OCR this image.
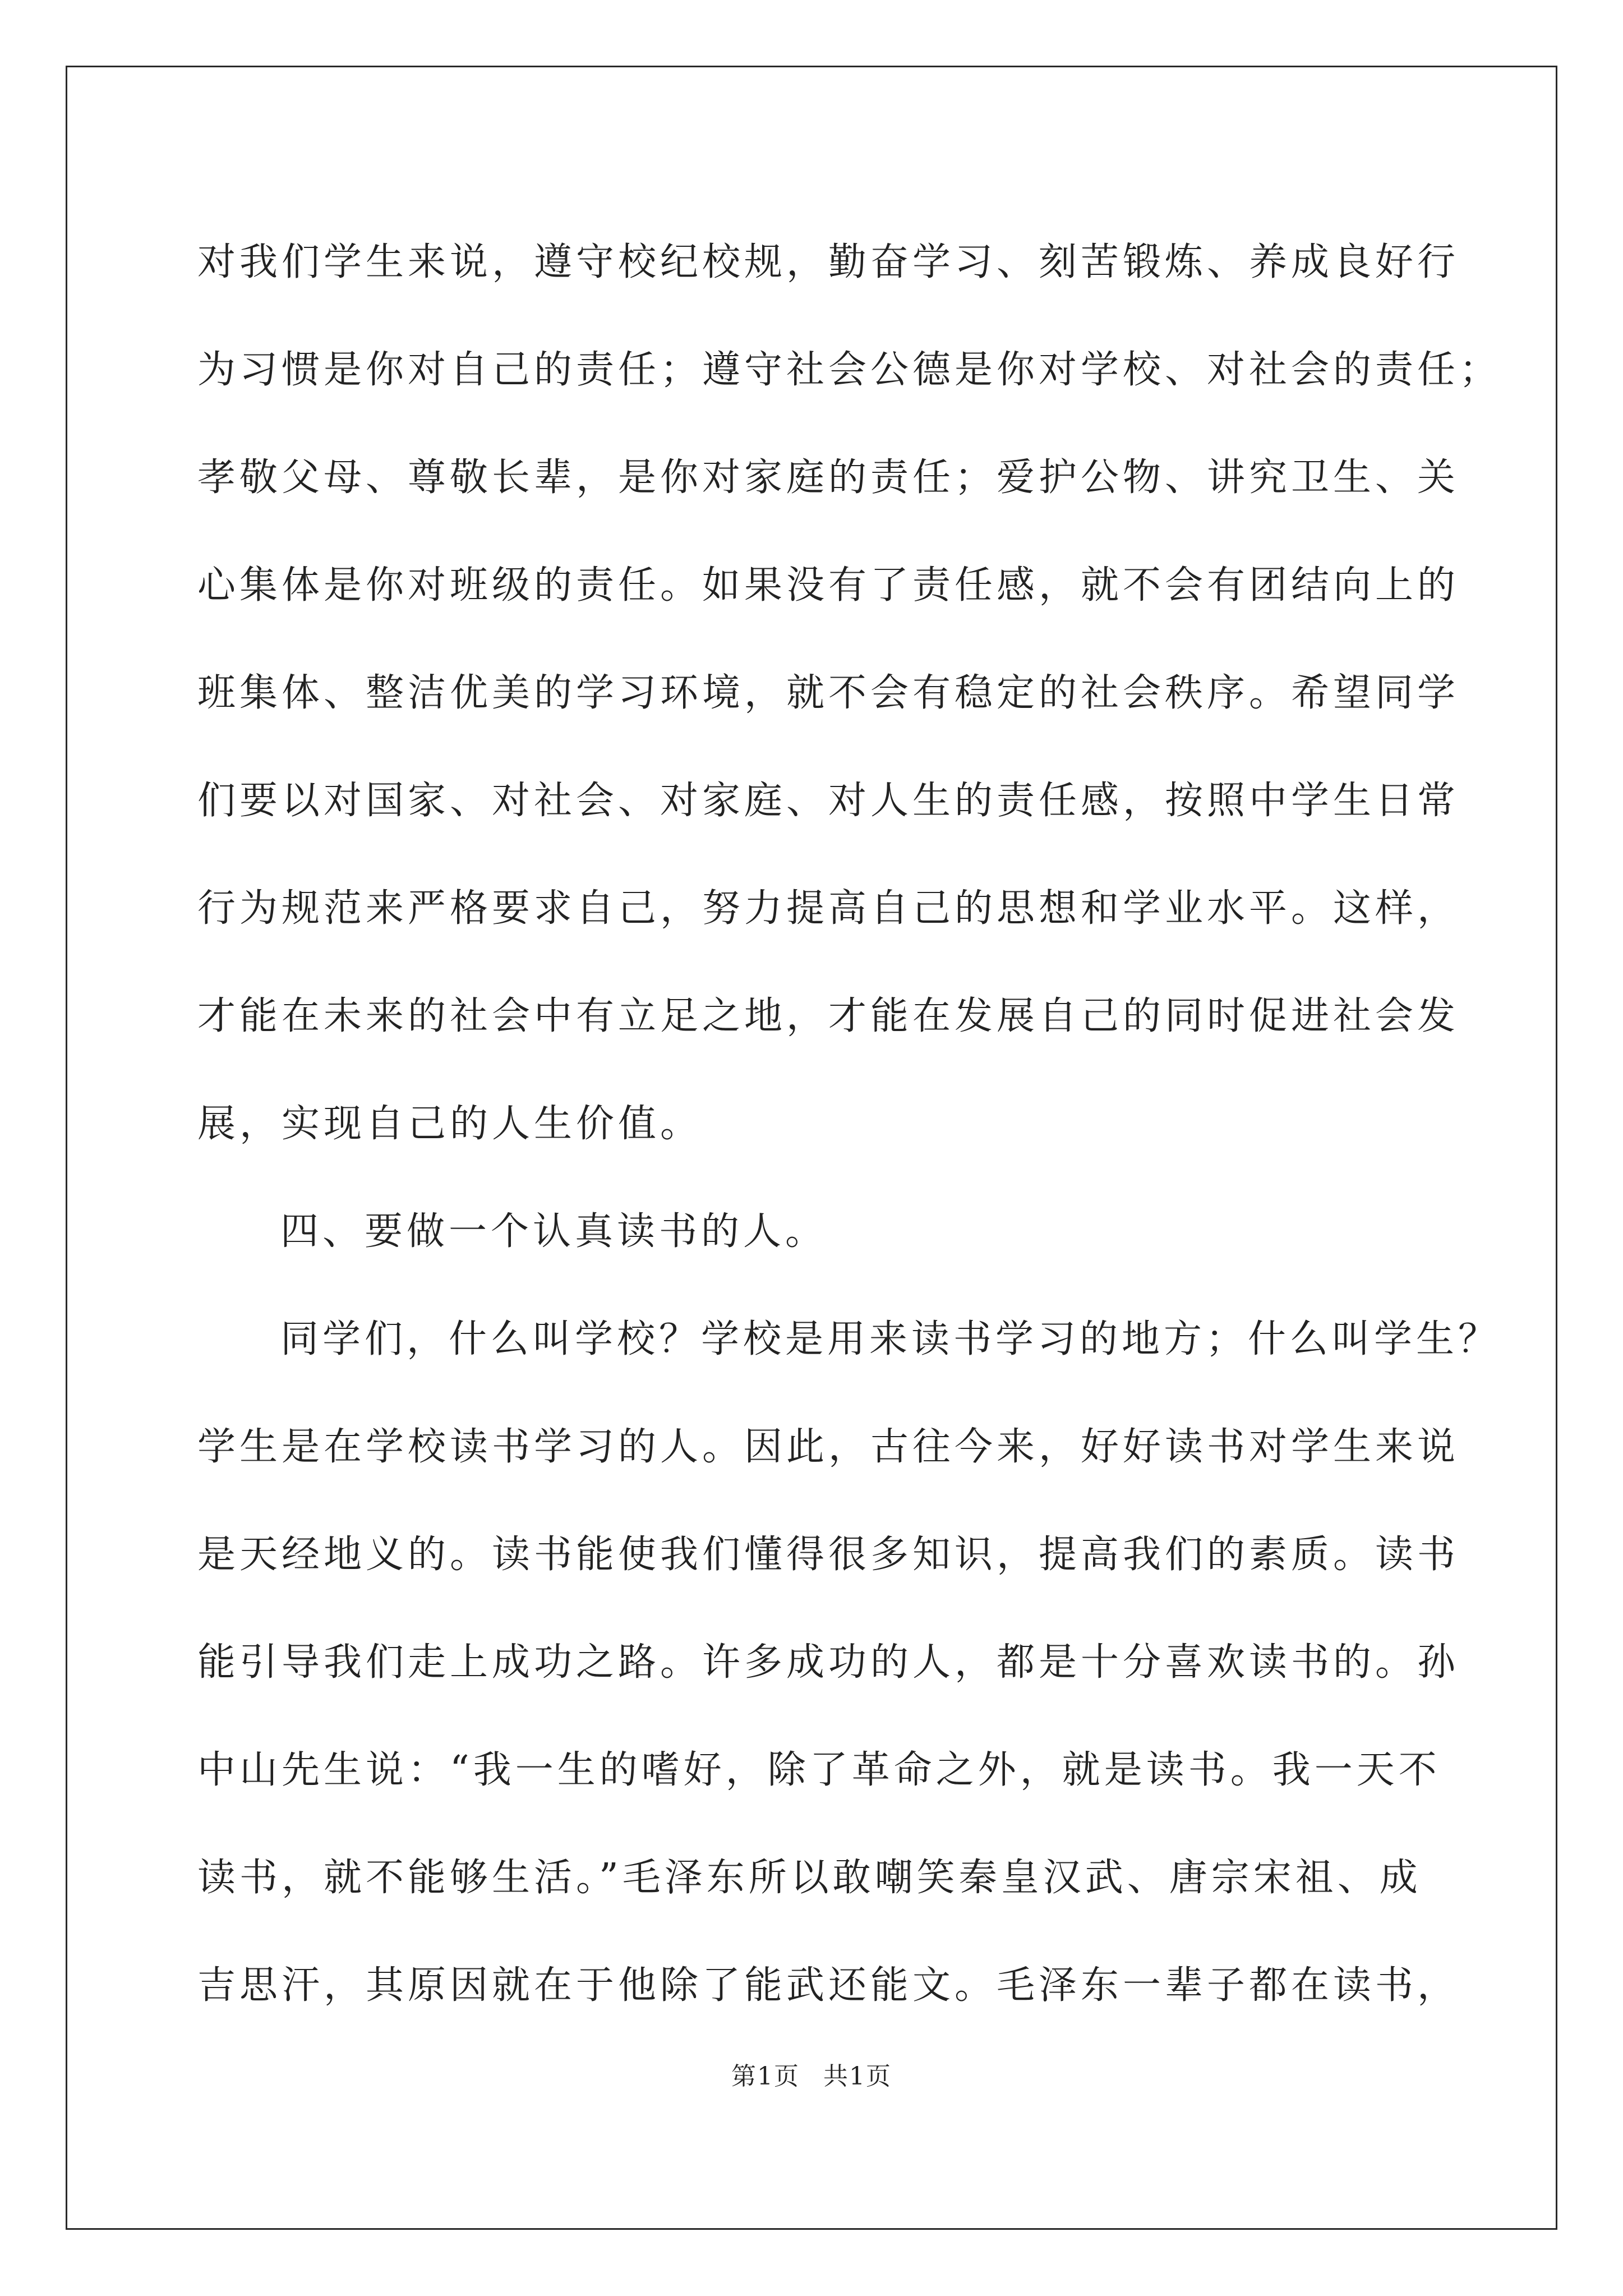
对我们学生来说，遵守校纪校规，勤奋学习、刻苦锻炼、养成良好行
为习惯是你对自己的责任；遵守社会公德是你对学校、对社会的责任；
孝敬父母、尊敬长辈，是你对家庭的责任；爱护公物、讲究卫生、关
心集体是你对班级的责任。如果没有了责任感，就不会有团结向上的
班集体、整洁优美的学习环境，就不会有稳定的社会秩序。希望同学
们要以对国家、对社会、对家庭、对人生的责任感，按照中学生日常
行为规范来严格要求自己，努力提高自己的思想和学业水平。这样，
才能在未来的社会中有立足之地，才能在发展自己的同时促进社会发
展，实现自己的人生价值。
四、要做一个认真读书的人。
同学们，什么叫学校？学校是用来读书学习的地方；什么叫学生？
学生是在学校读书学习的人。因此，古往今来，好好读书对学生来说
是天经地义的。读书能使我们懂得很多知识，提高我们的素质。读书
能引导我们走上成功之路。许多成功的人，都是十分喜欢读书的。孙
中山先生说：“我一生的嗜好，除了革命之外，就是读书。我一天不
读书，就不能够生活。”毛泽东所以敢嘲笑秦皇汉武、唐宗宋祖、成
吉思汗，其原因就在于他除了能武还能文。毛泽东一辈子都在读书，
第1页 共1页
